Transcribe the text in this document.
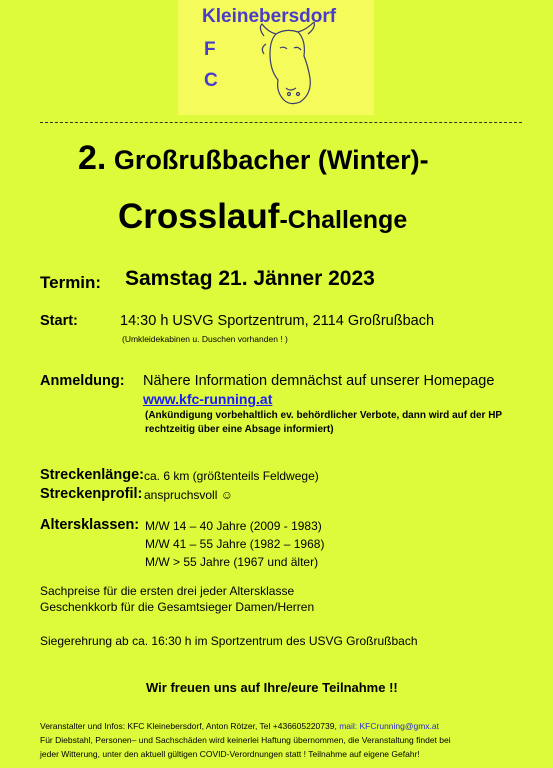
Kleinebersdorf
F
C
2. Großrußbacher (Winter)-
Crosslauf-Challenge
Termin: Samstag 21. Jänner 2023
Start:	14:30 h USVG Sportzentrum, 2114 Großrußbach
(Umkleidekabinen u. Duschen vorhanden ! )
Anmeldung: Nähere Information demnächst auf unserer Homepage
www.kfc-running.at
(Ankündigung vorbehaltlich ev. behördlicher Verbote, dann wird auf der HP
rechtzeitig über eine Absage informiert)
Streckenlänge: ca. 6 km (größtenteils Feldwege)
Streckenprofil: anspruchsvoll ☺
Altersklassen: M/W 14 – 40 Jahre (2009 - 1983)
M/W 41 – 55 Jahre (1982 – 1968)
M/W > 55 Jahre (1967 und älter)
Sachpreise für die ersten drei jeder Altersklasse
Geschenkkorb für die Gesamtsieger Damen/Herren
Siegerehrung ab ca. 16:30 h im Sportzentrum des USVG Großrußbach
Wir freuen uns auf Ihre/eure Teilnahme !!
Veranstalter und Infos: KFC Kleinebersdorf, Anton Rötzer, Tel +436605220739, mail: KFCrunning@gmx.at
Für Diebstahl, Personen– und Sachschäden wird keinerlei Haftung übernommen, die Veranstaltung findet bei
jeder Witterung, unter den aktuell gültigen COVID-Verordnungen statt ! Teilnahme auf eigene Gefahr!
